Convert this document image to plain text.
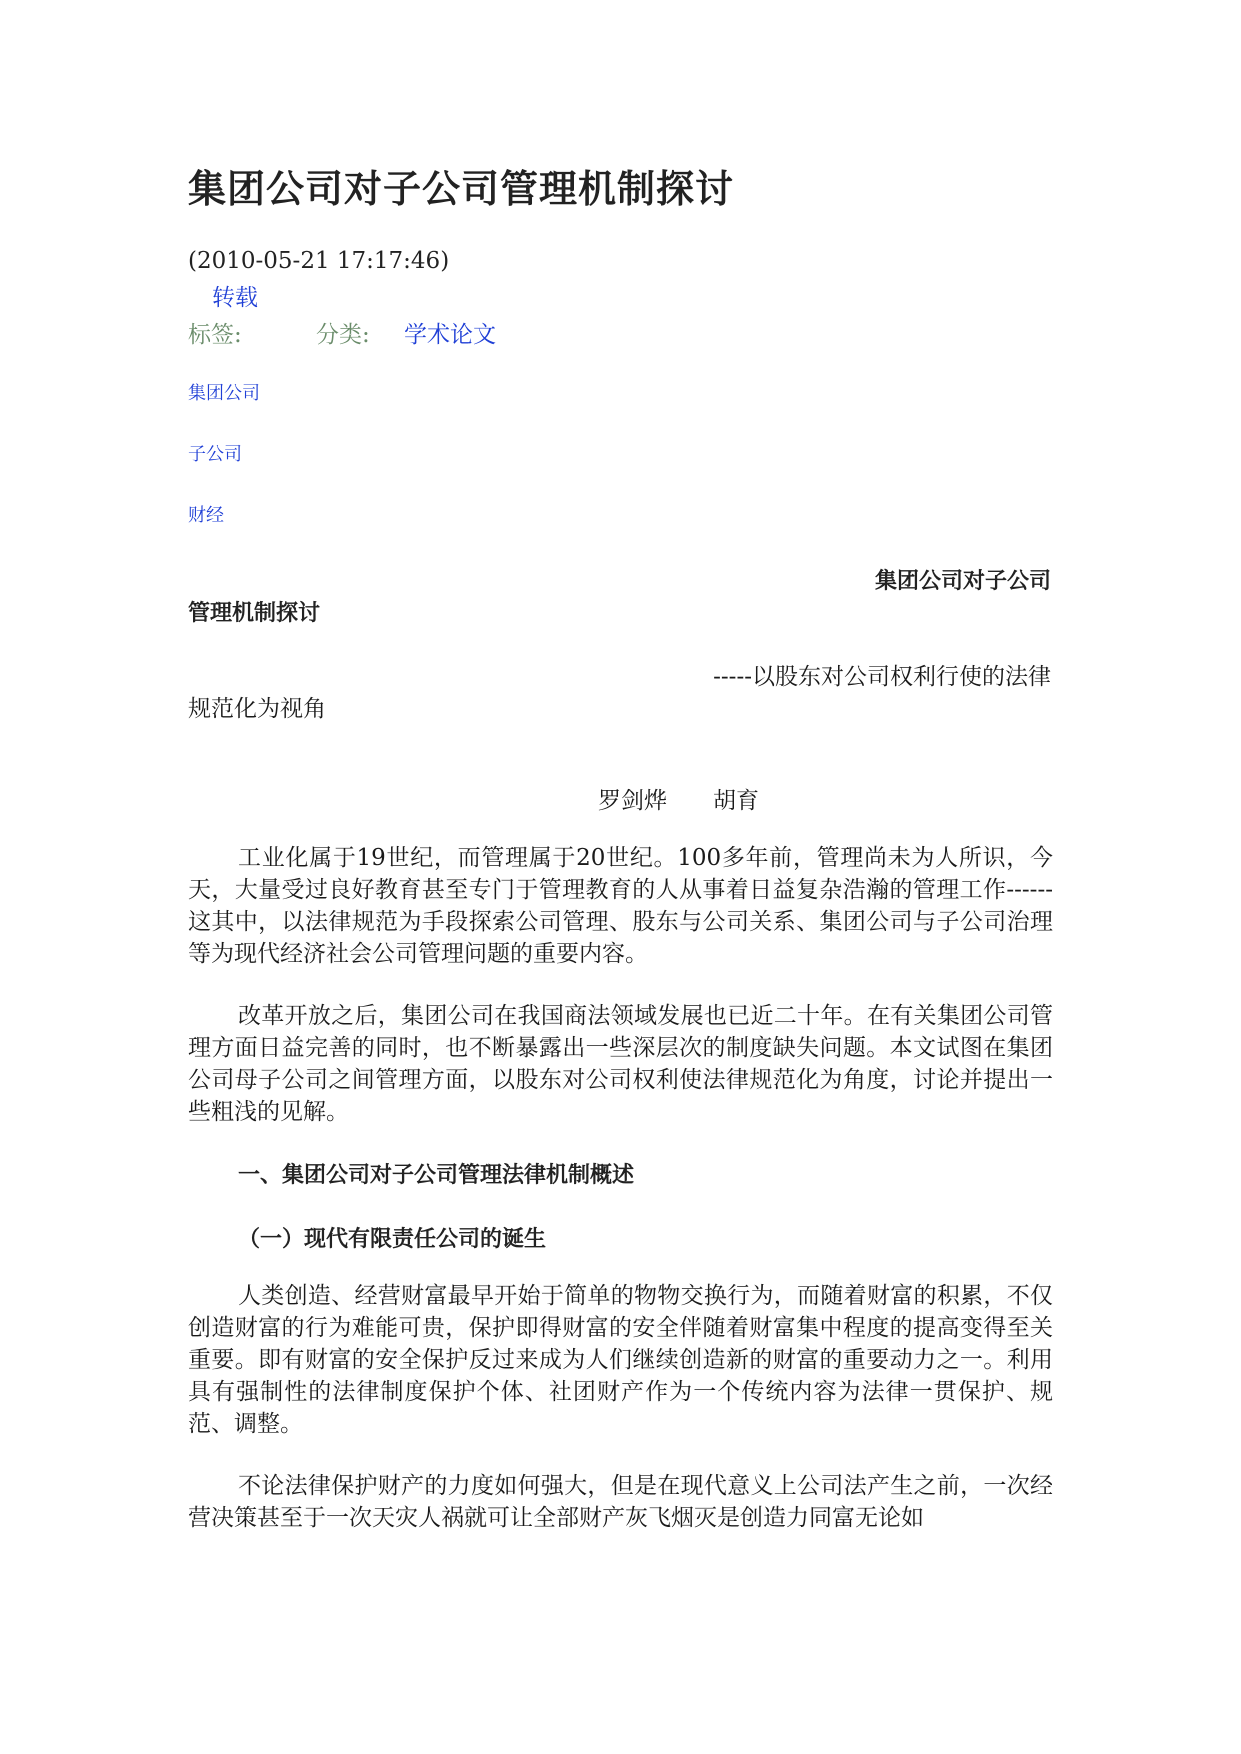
集团公司对子公司管理机制探讨
(2010-05-21 17:17:46)
转载
标签:	分类: 学术论文
集团公司
子公司
财经
集团公司对子公司
管理机制探讨
-----以股东对公司权利行使的法律
规范化为视角
罗剑烨　　胡育

工业化属于19世纪，而管理属于20世纪。100多年前，管理尚未为人所识，今天，大量受过良好教育甚至专门于管理教育的人从事着日益复杂浩瀚的管理工作------这其中，以法律规范为手段探索公司管理、股东与公司关系、集团公司与子公司治理等为现代经济社会公司管理问题的重要内容。

改革开放之后，集团公司在我国商法领域发展也已近二十年。在有关集团公司管理方面日益完善的同时，也不断暴露出一些深层次的制度缺失问题。本文试图在集团公司母子公司之间管理方面，以股东对公司权利使法律规范化为角度，讨论并提出一些粗浅的见解。

一、集团公司对子公司管理法律机制概述
（一）现代有限责任公司的诞生

人类创造、经营财富最早开始于简单的物物交换行为，而随着财富的积累，不仅创造财富的行为难能可贵，保护即得财富的安全伴随着财富集中程度的提高变得至关重要。即有财富的安全保护反过来成为人们继续创造新的财富的重要动力之一。利用具有强制性的法律制度保护个体、社团财产作为一个传统内容为法律一贯保护、规范、调整。

不论法律保护财产的力度如何强大，但是在现代意义上公司法产生之前，一次经营决策甚至于一次天灾人祸就可让全部财产灰飞烟灭是创造力同富无论如
